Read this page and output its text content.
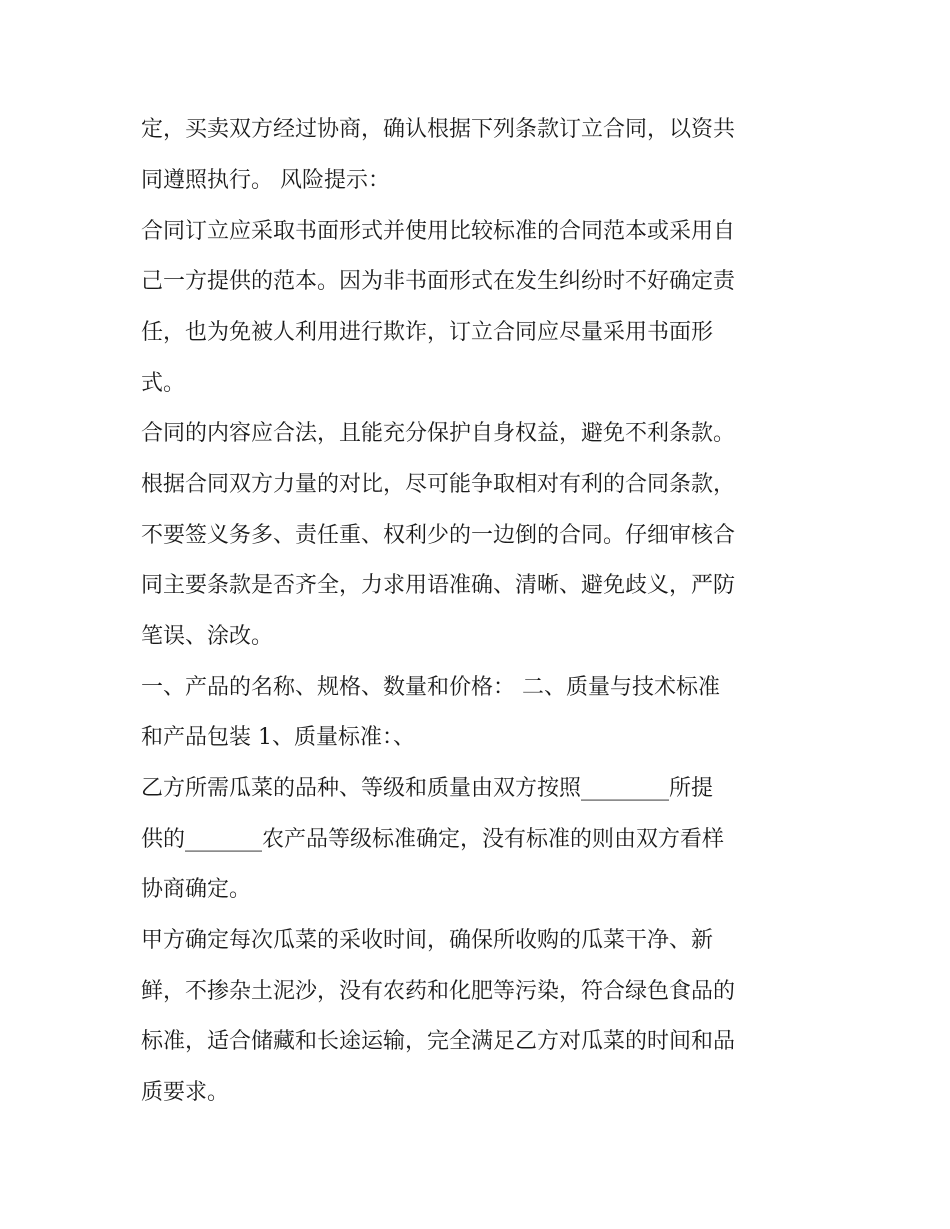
定，买卖双方经过协商，确认根据下列条款订立合同，以资共
同遵照执行。 风险提示：
合同订立应采取书面形式并使用比较标准的合同范本或采用自
己一方提供的范本。因为非书面形式在发生纠纷时不好确定责
任，也为免被人利用进行欺诈，订立合同应尽量采用书面形
式。
合同的内容应合法，且能充分保护自身权益，避免不利条款。
根据合同双方力量的对比，尽可能争取相对有利的合同条款，
不要签义务多、责任重、权利少的一边倒的合同。仔细审核合
同主要条款是否齐全，力求用语准确、清晰、避免歧义，严防
笔误、涂改。
一、产品的名称、规格、数量和价格： 二、质量与技术标准
和产品包装 1、质量标准：、
乙方所需瓜菜的品种、等级和质量由双方按照________所提
供的_______农产品等级标准确定，没有标准的则由双方看样
协商确定。
甲方确定每次瓜菜的采收时间，确保所收购的瓜菜干净、新
鲜，不掺杂土泥沙，没有农药和化肥等污染，符合绿色食品的
标准，适合储藏和长途运输，完全满足乙方对瓜菜的时间和品
质要求。
